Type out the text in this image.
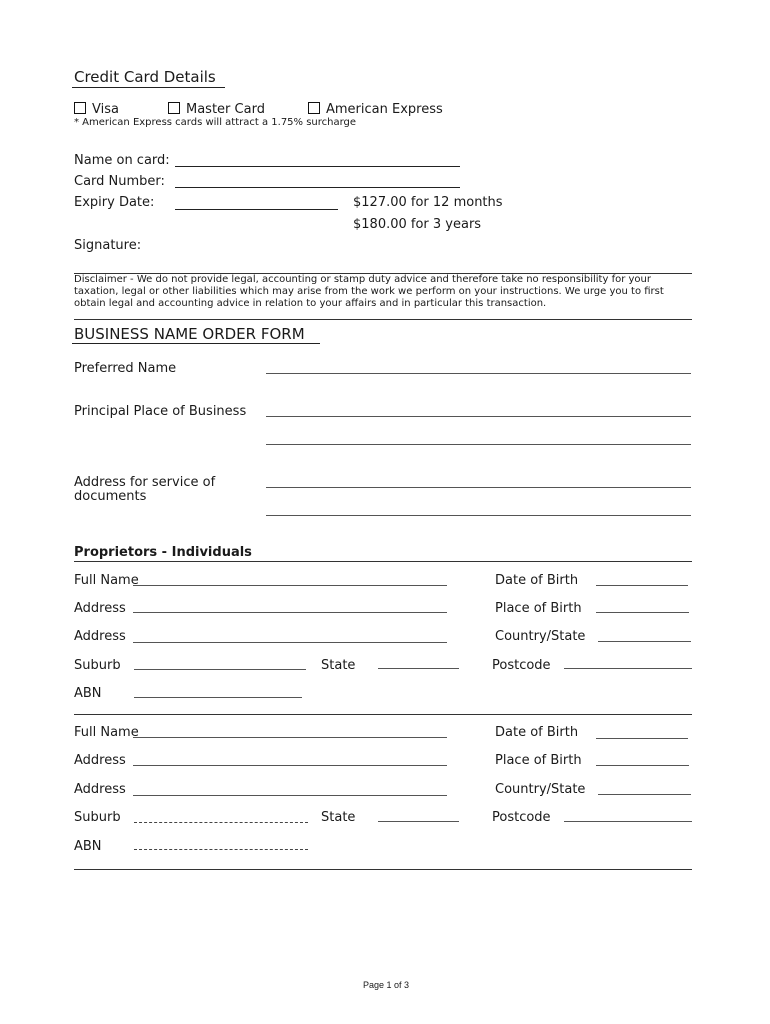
Credit Card Details
Visa	Master Card	American Express
* American Express cards will attract a 1.75% surcharge
Name on card:
Card Number:
Expiry Date:	$127.00 for 12 months
$180.00 for 3 years
Signature:
Disclaimer - We do not provide legal, accounting or stamp duty advice and therefore take no responsibility for your
taxation, legal or other liabilities which may arise from the work we perform on your instructions. We urge you to first
obtain legal and accounting advice in relation to your affairs and in particular this transaction.
BUSINESS NAME ORDER FORM
Preferred Name
Principal Place of Business
Address for service of
documents
Proprietors - Individuals
Full Name	Date of Birth
Address	Place of Birth
Address	Country/State
Suburb	State	Postcode
ABN
Full Name	Date of Birth
Address	Place of Birth
Address	Country/State
Suburb	State	Postcode
ABN
Page 1 of 3
